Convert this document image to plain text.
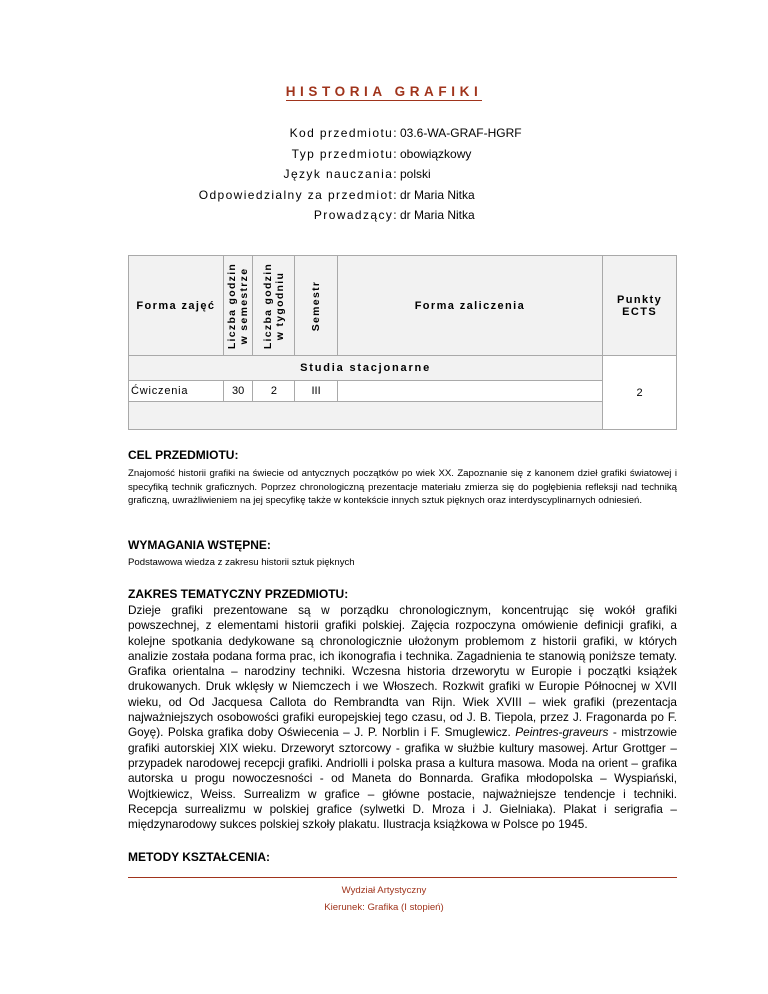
HISTORIA GRAFIKI
Kod przedmiotu: 03.6-WA-GRAF-HGRF
Typ przedmiotu: obowiązkowy
Język nauczania: polski
Odpowiedzialny za przedmiot: dr Maria Nitka
Prowadzący: dr Maria Nitka
Forma zajęć	Liczba godzin w semestrze	Liczba godzin w tygodniu	Semestr	Forma zaliczenia	Punkty ECTS
Studia stacjonarne					2
Ćwiczenia	30	2	III		

CEL PRZEDMIOTU:
Znajomość historii grafiki na świecie od antycznych początków po wiek XX. Zapoznanie się z kanonem dzieł grafiki światowej i specyfiką technik graficznych. Poprzez chronologiczną prezentacje materiału zmierza się do pogłębienia refleksji nad techniką graficzną, uwrażliwieniem na jej specyfikę także w kontekście innych sztuk pięknych oraz interdyscyplinarnych odniesień.
WYMAGANIA WSTĘPNE:
Podstawowa wiedza z zakresu historii sztuk pięknych
ZAKRES TEMATYCZNY PRZEDMIOTU:
Dzieje grafiki prezentowane są w porządku chronologicznym, koncentrując się wokół grafiki powszechnej, z elementami historii grafiki polskiej. Zajęcia rozpoczyna omówienie definicji grafiki, a kolejne spotkania dedykowane są chronologicznie ułożonym problemom z historii grafiki, w których analizie została podana forma prac, ich ikonografia i technika. Zagadnienia te stanowią poniższe tematy. Grafika orientalna – narodziny techniki. Wczesna historia drzeworytu w Europie i początki książek drukowanych. Druk wklęsły w Niemczech i we Włoszech. Rozkwit grafiki w Europie Północnej w XVII wieku, od Od Jacquesa Callota do Rembrandta van Rijn. Wiek XVIII – wiek grafiki (prezentacja najważniejszych osobowości grafiki europejskiej tego czasu, od J. B. Tiepola, przez J. Fragonarda po F. Goyę). Polska grafika doby Oświecenia – J. P. Norblin i F. Smuglewicz. Peintres-graveurs - mistrzowie grafiki autorskiej XIX wieku. Drzeworyt sztorcowy - grafika w służbie kultury masowej. Artur Grottger – przypadek narodowej recepcji grafiki. Andriolli i polska prasa a kultura masowa. Moda na orient – grafika autorska u progu nowoczesności - od Maneta do Bonnarda. Grafika młodopolska – Wyspiański, Wojtkiewicz, Weiss. Surrealizm w grafice – główne postacie, najważniejsze tendencje i techniki. Recepcja surrealizmu w polskiej grafice (sylwetki D. Mroza i J. Gielniaka). Plakat i serigrafia – międzynarodowy sukces polskiej szkoły plakatu. Ilustracja książkowa w Polsce po 1945.
METODY KSZTAŁCENIA:
Wydział Artystyczny
Kierunek: Grafika (I stopień)
